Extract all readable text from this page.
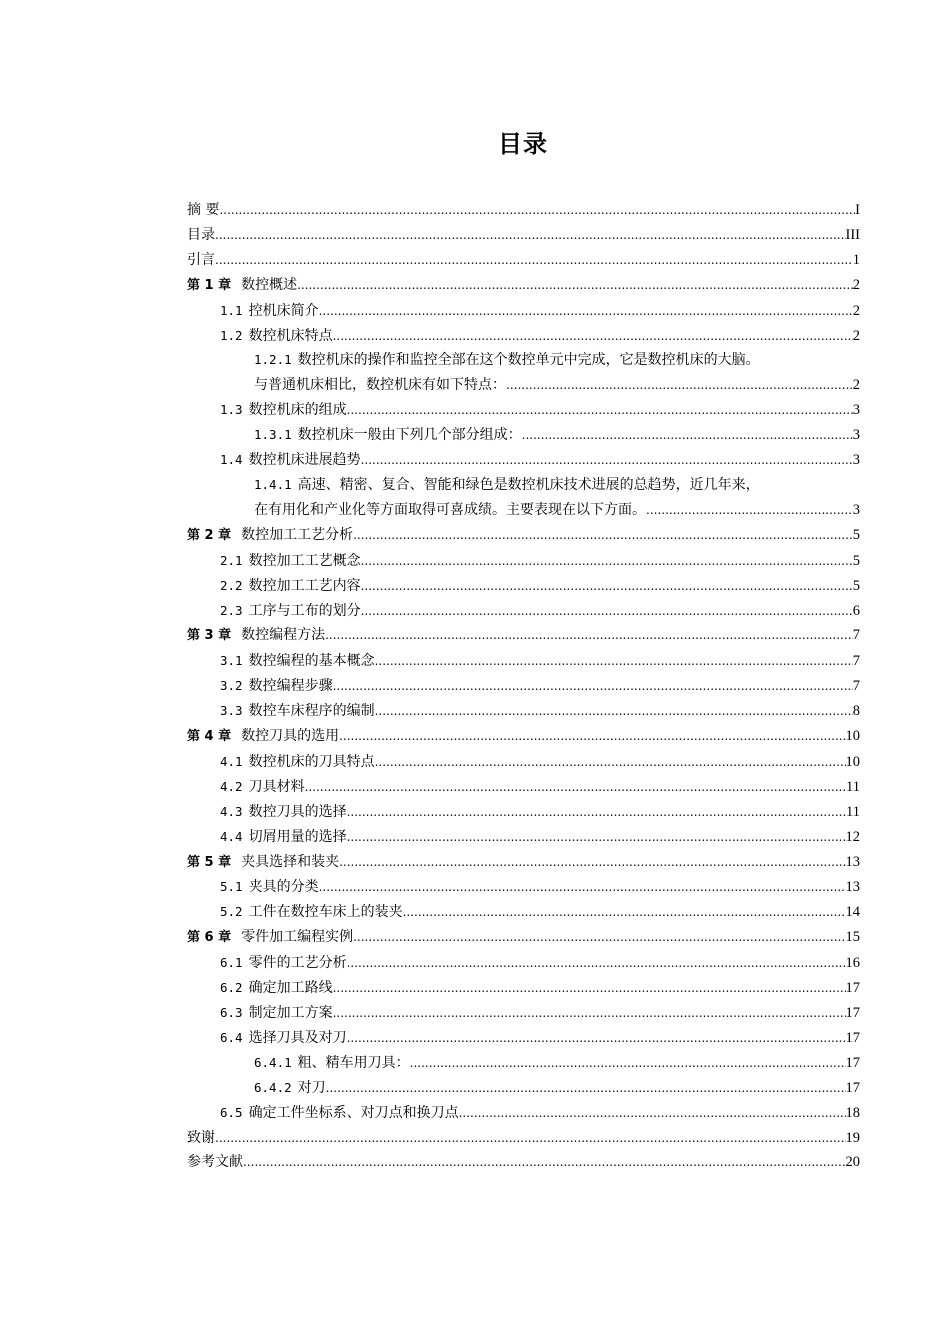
目录
摘 要 .....	I
目录 .....	III
引言 .....	1
第 1 章 数控概述 .....	2
1.1 控机床简介 .....	2
1.2 数控机床特点 .....	2
1.2.1 数控机床的操作和监控全部在这个数控单元中完成，它是数控机床的大脑。
与普通机床相比，数控机床有如下特点： .....	2
1.3 数控机床的组成 .....	3
1.3.1 数控机床一般由下列几个部分组成： .....	3
1.4 数控机床进展趋势 .....	3
1.4.1 高速、精密、复合、智能和绿色是数控机床技术进展的总趋势，近几年来，
在有用化和产业化等方面取得可喜成绩。主要表现在以下方面。 .....	3
第 2 章 数控加工工艺分析 .....	5
2.1 数控加工工艺概念 .....	5
2.2 数控加工工艺内容 .....	5
2.3 工序与工布的划分 .....	6
第 3 章 数控编程方法 .....	7
3.1 数控编程的基本概念 .....	7
3.2 数控编程步骤 .....	7
3.3 数控车床程序的编制 .....	8
第 4 章 数控刀具的选用 .....	10
4.1 数控机床的刀具特点 .....	10
4.2 刀具材料 .....	11
4.3 数控刀具的选择 .....	11
4.4 切屑用量的选择 .....	12
第 5 章 夹具选择和装夹 .....	13
5.1 夹具的分类 .....	13
5.2 工件在数控车床上的装夹 .....	14
第 6 章 零件加工编程实例 .....	15
6.1 零件的工艺分析 .....	16
6.2 确定加工路线 .....	17
6.3 制定加工方案 .....	17
6.4 选择刀具及对刀 .....	17
6.4.1 粗、精车用刀具： .....	17
6.4.2 对刀 .....	17
6.5 确定工件坐标系、对刀点和换刀点 .....	18
致谢 .....	19
参考文献 .....	20
